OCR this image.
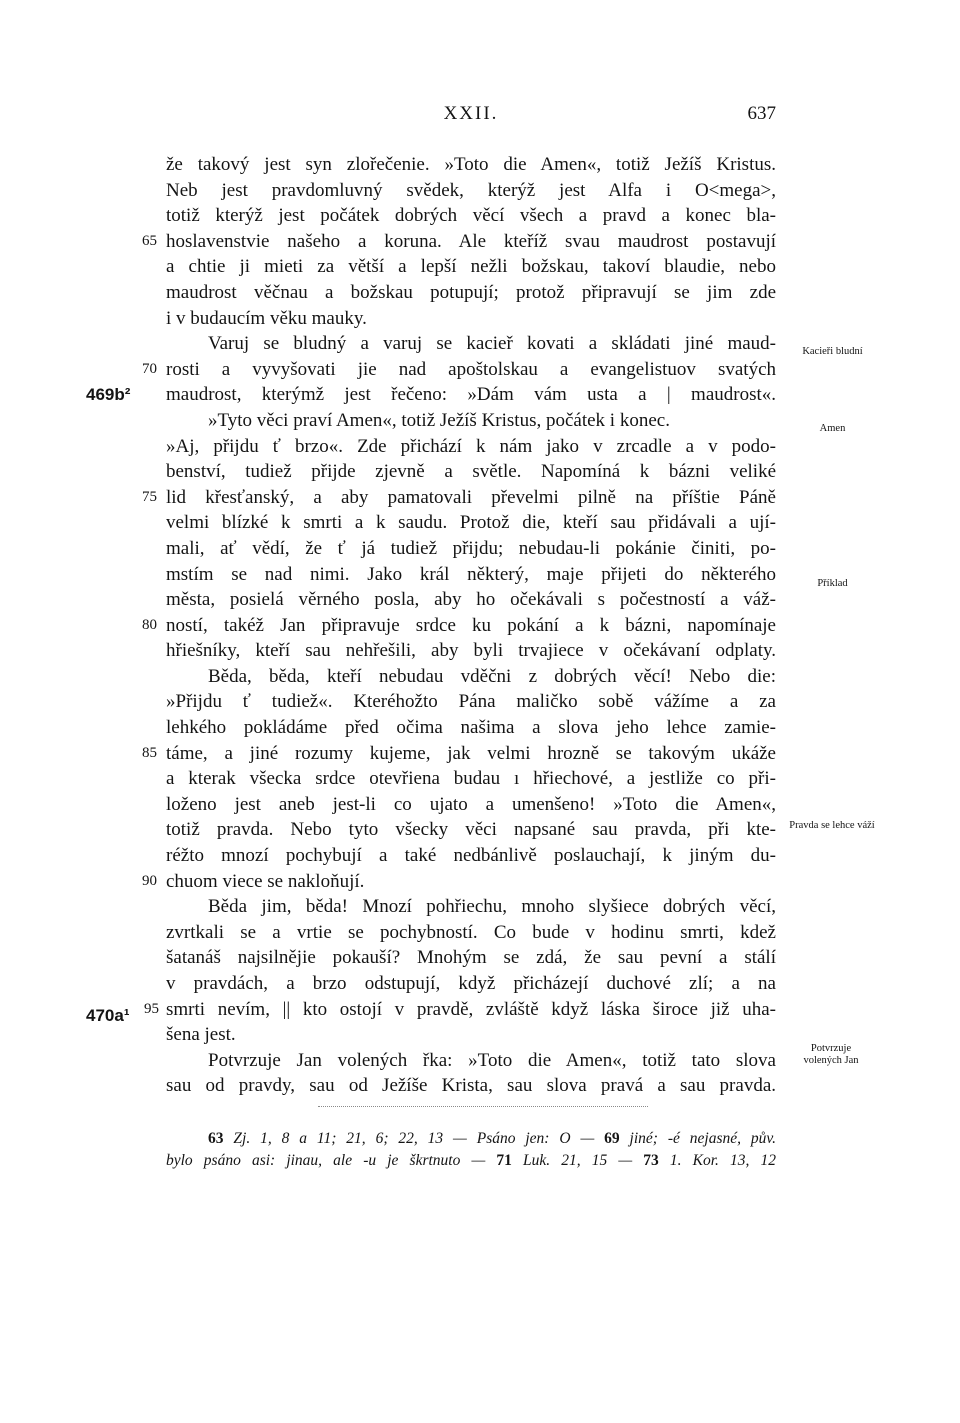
XXII.	637
469b²
470a¹
že takový jest syn zlořečenie. »Toto die Amen«, totiž Ježíš Kristus.
Neb jest pravdomluvný svědek, kterýž jest Alfa i O<mega>,
totiž kterýž jest počátek dobrých věcí všech a pravd a konec bla-
65 hoslavenstvie našeho a koruna. Ale kteříž svau maudrost postavují
a chtie ji mieti za větší a lepší nežli božskau, takoví blaudie, nebo
maudrost věčnau a božskau potupují; protož připravují se jim zde
i v budaucím věku mauky.
Varuj se bludný a varuj se kacieř kovati a skládati jiné maud-
70 rosti a vyvyšovati jie nad apoštolskau a evangelistuov svatých
maudrost, kterýmž jest řečeno: »Dám vám usta a | maudrost«.
»Tyto věci praví Amen«, totiž Ježíš Kristus, počátek i konec.
»Aj, přijdu ť brzo«. Zde přichází k nám jako v zrcadle a v podo-
benství, tudiež přijde zjevně a světle. Napomíná k bázni veliké
75 lid křesťanský, a aby pamatovali převelmi pilně na příštie Páně
velmi blízké k smrti a k saudu. Protož die, kteří sau přidávali a ují-
mali, ať vědí, že ť já tudiež přijdu; nebudau-li pokánie činiti, po-
mstím se nad nimi. Jako král některý, maje přijeti do některého
města, posielá věrného posla, aby ho očekávali s počestností a váž-
80 ností, takéž Jan připravuje srdce ku pokání a k bázni, napomínaje
hřiešníky, kteří sau nehřešili, aby byli trvajiece v očekávaní odplaty.
Běda, běda, kteří nebudau vděčni z dobrých věcí! Nebo die:
»Přijdu ť tudiež«. Kteréhožto Pána maličko sobě vážíme a za
lehkého pokládáme před očima našima a slova jeho lehce zamie-
85 táme, a jiné rozumy kujeme, jak velmi hrozně se takovým ukáže
a kterak všecka srdce otevřiena budau ı hřiechové, a jestliže co při-
loženo jest aneb jest-li co ujato a umenšeno! »Toto die Amen«,
totiž pravda. Nebo tyto všecky věci napsané sau pravda, při kte-
réžto mnozí pochybují a také nedbánlivě poslauchají, k jiným du-
90 chuom viece se nakloňují.
Běda jim, běda! Mnozí pohřiechu, mnoho slyšiece dobrých věcí,
zvrtkali se a vrtie se pochybností. Co bude v hodinu smrti, kdež
šatanáš najsilnějie pokauší? Mnohým se zdá, že sau pevní a stálí
v pravdách, a brzo odstupují, když přicházejí duchové zlí; a na
95 smrti nevím, || kto ostojí v pravdě, zvláště když láska široce již uha-
šena jest.
Potvrzuje Jan volených řka: »Toto die Amen«, totiž tato slova
sau od pravdy, sau od Ježíše Krista, sau slova pravá a sau pravda.
Kacieři bludní
Amen
Příklad
Pravda se lehce váží
Potvrzuje volených Jan
63 Zj. 1, 8 a 11; 21, 6; 22, 13 — Psáno jen: O — 69 jiné; -é nejasné, pův.
bylo psáno asi: jinau, ale -u je škrtnuto — 71 Luk. 21, 15 — 73 1. Kor. 13, 12
